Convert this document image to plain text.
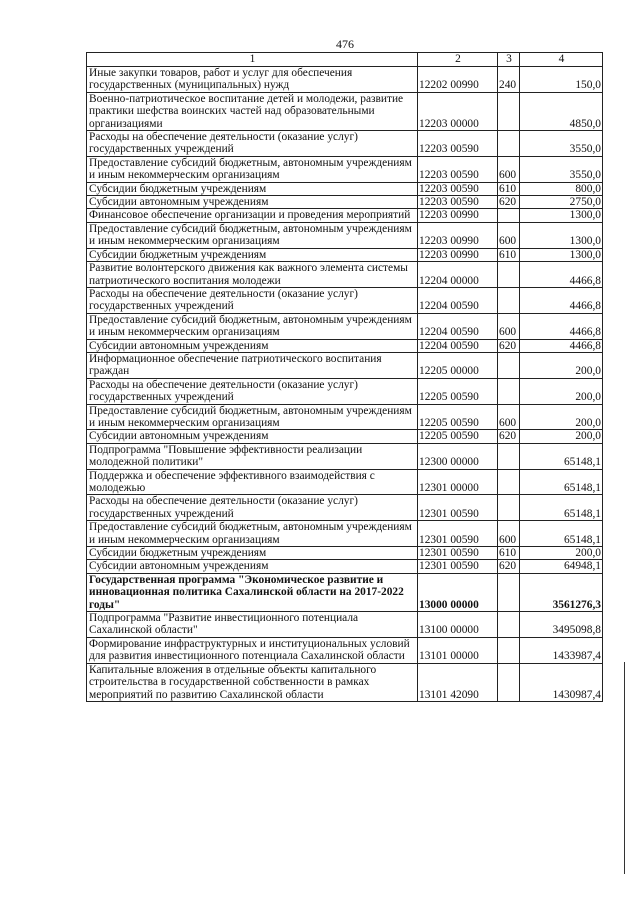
476
1	2	3	4
Иные закупки товаров, работ и услуг для обеспечения государственных (муниципальных) нужд	12202 00990	240	150,0
Военно-патриотическое воспитание детей и молодежи, развитие практики шефства воинских частей над образовательными организациями	12203 00000		4850,0
Расходы на обеспечение деятельности (оказание услуг) государственных учреждений	12203 00590		3550,0
Предоставление субсидий бюджетным, автономным учреждениям и иным некоммерческим организациям	12203 00590	600	3550,0
Субсидии бюджетным учреждениям	12203 00590	610	800,0
Субсидии автономным учреждениям	12203 00590	620	2750,0
Финансовое обеспечение организации и проведения мероприятий	12203 00990		1300,0
Предоставление субсидий бюджетным, автономным учреждениям и иным некоммерческим организациям	12203 00990	600	1300,0
Субсидии бюджетным учреждениям	12203 00990	610	1300,0
Развитие волонтерского движения как важного элемента системы патриотического воспитания молодежи	12204 00000		4466,8
Расходы на обеспечение деятельности (оказание услуг) государственных учреждений	12204 00590		4466,8
Предоставление субсидий бюджетным, автономным учреждениям и иным некоммерческим организациям	12204 00590	600	4466,8
Субсидии автономным учреждениям	12204 00590	620	4466,8
Информационное обеспечение патриотического воспитания граждан	12205 00000		200,0
Расходы на обеспечение деятельности (оказание услуг) государственных учреждений	12205 00590		200,0
Предоставление субсидий бюджетным, автономным учреждениям и иным некоммерческим организациям	12205 00590	600	200,0
Субсидии автономным учреждениям	12205 00590	620	200,0
Подпрограмма "Повышение эффективности реализации молодежной политики"	12300 00000		65148,1
Поддержка и обеспечение эффективного взаимодействия с молодежью	12301 00000		65148,1
Расходы на обеспечение деятельности (оказание услуг) государственных учреждений	12301 00590		65148,1
Предоставление субсидий бюджетным, автономным учреждениям и иным некоммерческим организациям	12301 00590	600	65148,1
Субсидии бюджетным учреждениям	12301 00590	610	200,0
Субсидии автономным учреждениям	12301 00590	620	64948,1
Государственная программа "Экономическое развитие и инновационная политика Сахалинской области на 2017-2022 годы"	13000 00000		3561276,3
Подпрограмма "Развитие инвестиционного потенциала Сахалинской области"	13100 00000		3495098,8
Формирование инфраструктурных и институциональных условий для развития инвестиционного потенциала Сахалинской области	13101 00000		1433987,4
Капитальные вложения в отдельные объекты капитального строительства в государственной собственности в рамках мероприятий по развитию Сахалинской области	13101 42090		1430987,4
